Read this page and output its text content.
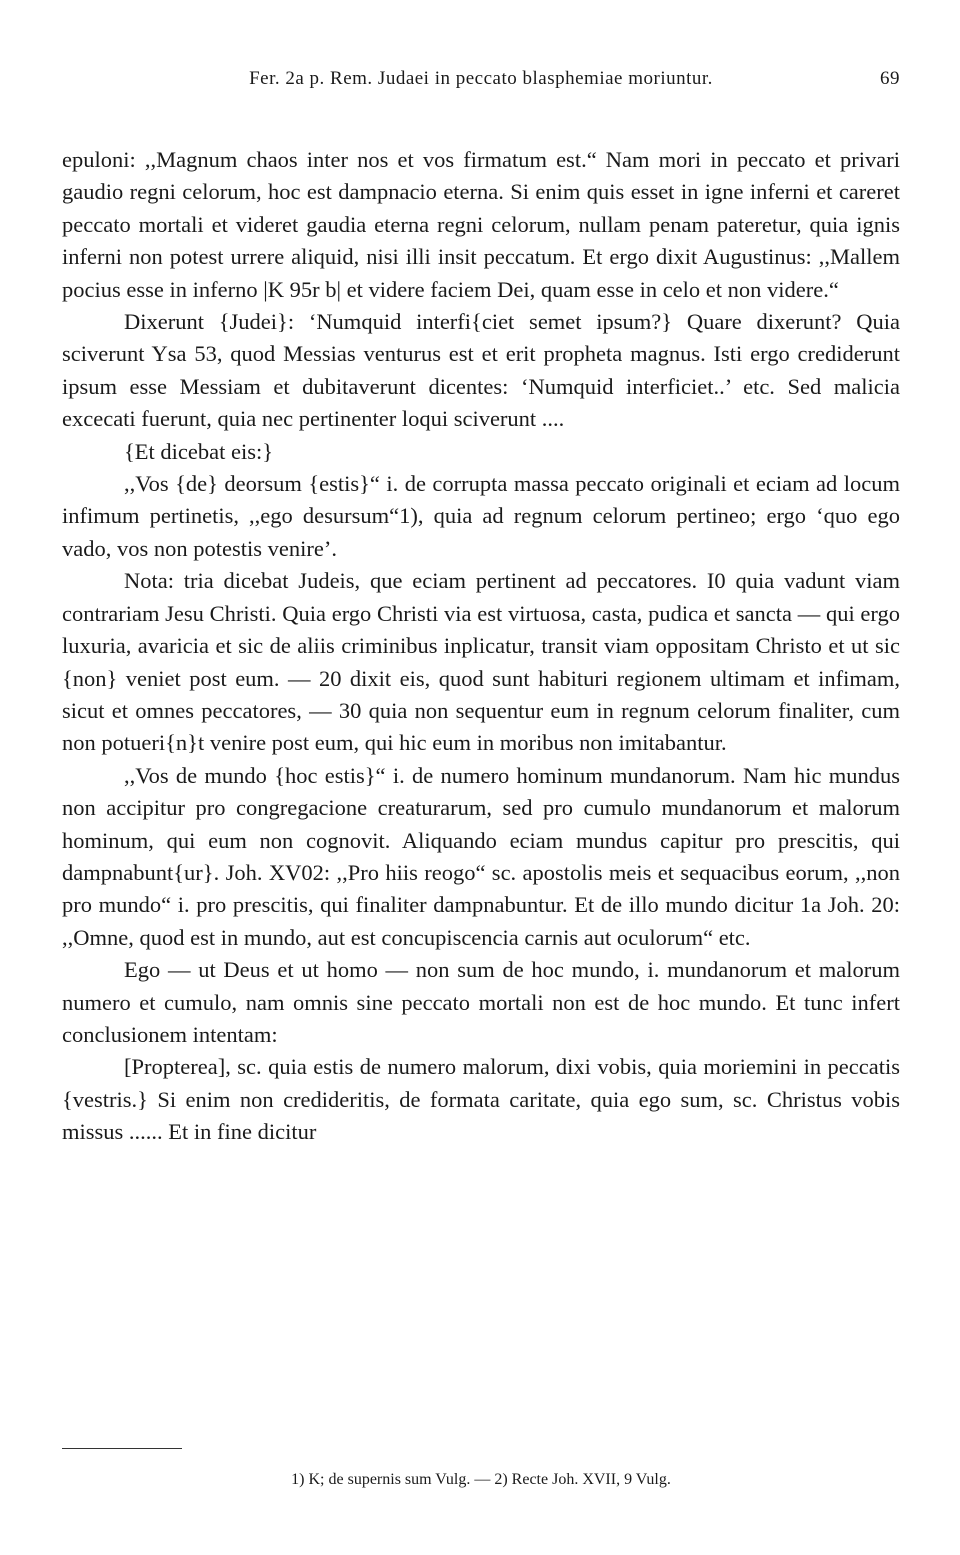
Fer. 2a p. Rem. Judaei in peccato blasphemiae moriuntur.	69

epuloni: ,,Magnum chaos inter nos et vos firmatum est.“ Nam mori in peccato et privari gaudio regni celorum, hoc est dampnacio eterna. Si enim quis esset in igne inferni et careret peccato mortali et videret gaudia eterna regni celorum, nullam penam pateretur, quia ignis inferni non potest urrere aliquid, nisi illi insit peccatum. Et ergo dixit Augustinus: ,,Mallem pocius esse in inferno |K 95r b| et videre faciem Dei, quam esse in celo et non videre.“

Dixerunt {Judei}: ‘Numquid interfi{ciet semet ipsum?} Quare dixerunt? Quia sciverunt Ysa 53, quod Messias venturus est et erit propheta magnus. Isti ergo crediderunt ipsum esse Messiam et dubitaverunt dicentes: ‘Numquid interficiet..’ etc. Sed malicia excecati fuerunt, quia nec pertinenter loqui sciverunt ....

{Et dicebat eis:}

,,Vos {de} deorsum {estis}“ i. de corrupta massa peccato originali et eciam ad locum infimum pertinetis, ,,ego desursum“1), quia ad regnum celorum pertineo; ergo ‘quo ego vado, vos non potestis venire’.

Nota: tria dicebat Judeis, que eciam pertinent ad peccatores. I0 quia vadunt viam contrariam Jesu Christi. Quia ergo Christi via est virtuosa, casta, pudica et sancta — qui ergo luxuria, avaricia et sic de aliis criminibus inplicatur, transit viam oppositam Christo et ut sic {non} veniet post eum. — 20 dixit eis, quod sunt habituri regionem ultimam et infimam, sicut et omnes peccatores, — 30 quia non sequentur eum in regnum celorum finaliter, cum non potueri{n}t venire post eum, qui hic eum in moribus non imitabantur.

,,Vos de mundo {hoc estis}“ i. de numero hominum mundanorum. Nam hic mundus non accipitur pro congregacione creaturarum, sed pro cumulo mundanorum et malorum hominum, qui eum non cognovit. Aliquando eciam mundus capitur pro prescitis, qui dampnabunt{ur}. Joh. XV02: ,,Pro hiis reogo“ sc. apostolis meis et sequacibus eorum, ,,non pro mundo“ i. pro prescitis, qui finaliter dampnabuntur. Et de illo mundo dicitur 1a Joh. 20: ,,Omne, quod est in mundo, aut est concupiscencia carnis aut oculorum“ etc.

Ego — ut Deus et ut homo — non sum de hoc mundo, i. mundanorum et malorum numero et cumulo, nam omnis sine peccato mortali non est de hoc mundo. Et tunc infert conclusionem intentam:

[Propterea], sc. quia estis de numero malorum, dixi vobis, quia moriemini in peccatis {vestris.} Si enim non credideritis, de formata caritate, quia ego sum, sc. Christus vobis missus ...... Et in fine dicitur

1) K; de supernis sum Vulg. — 2) Recte Joh. XVII, 9 Vulg.
